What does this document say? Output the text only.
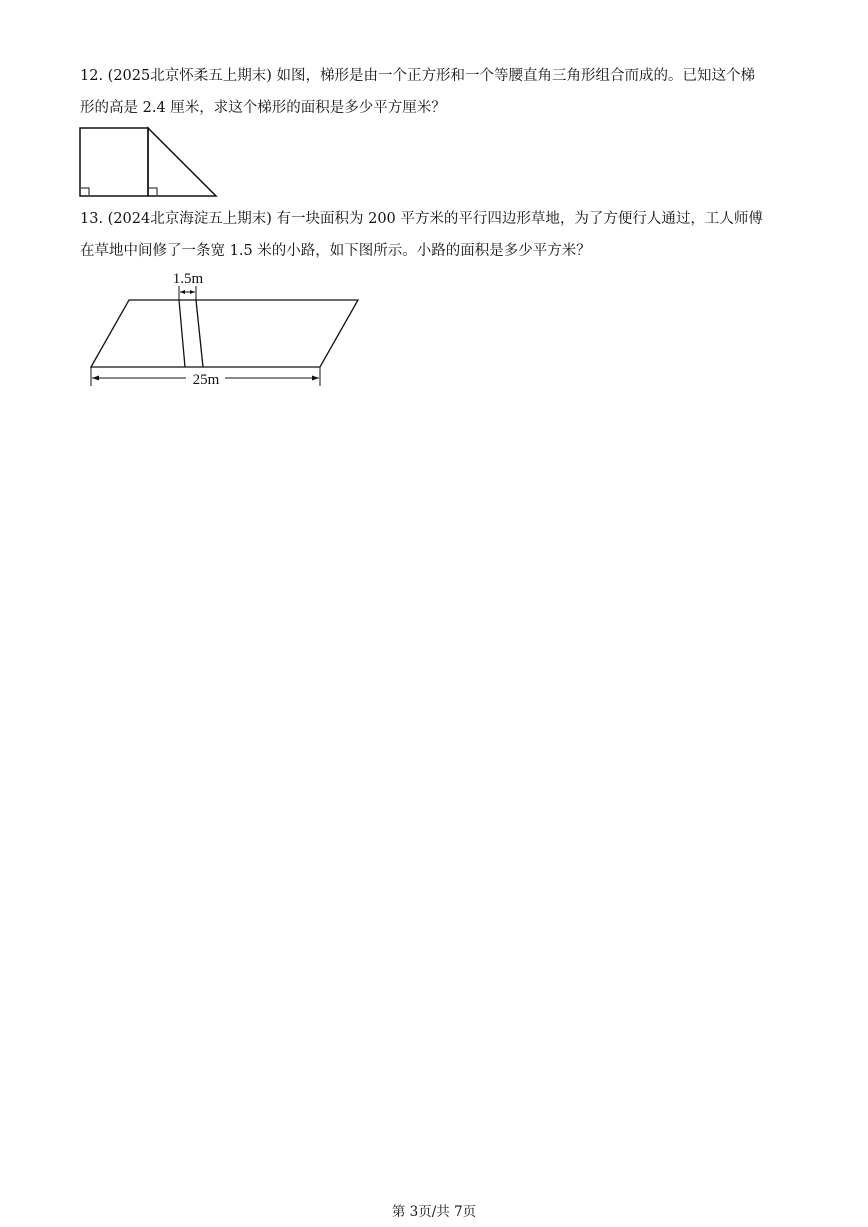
12. (2025北京怀柔五上期末) 如图，梯形是由一个正方形和一个等腰直角三角形组合而成的。已知这个梯
形的高是 2.4 厘米，求这个梯形的面积是多少平方厘米？
13. (2024北京海淀五上期末) 有一块面积为 200 平方米的平行四边形草地，为了方便行人通过，工人师傅
在草地中间修了一条宽 1.5 米的小路，如下图所示。小路的面积是多少平方米？
1.5m
25m
第 3页/共 7页
